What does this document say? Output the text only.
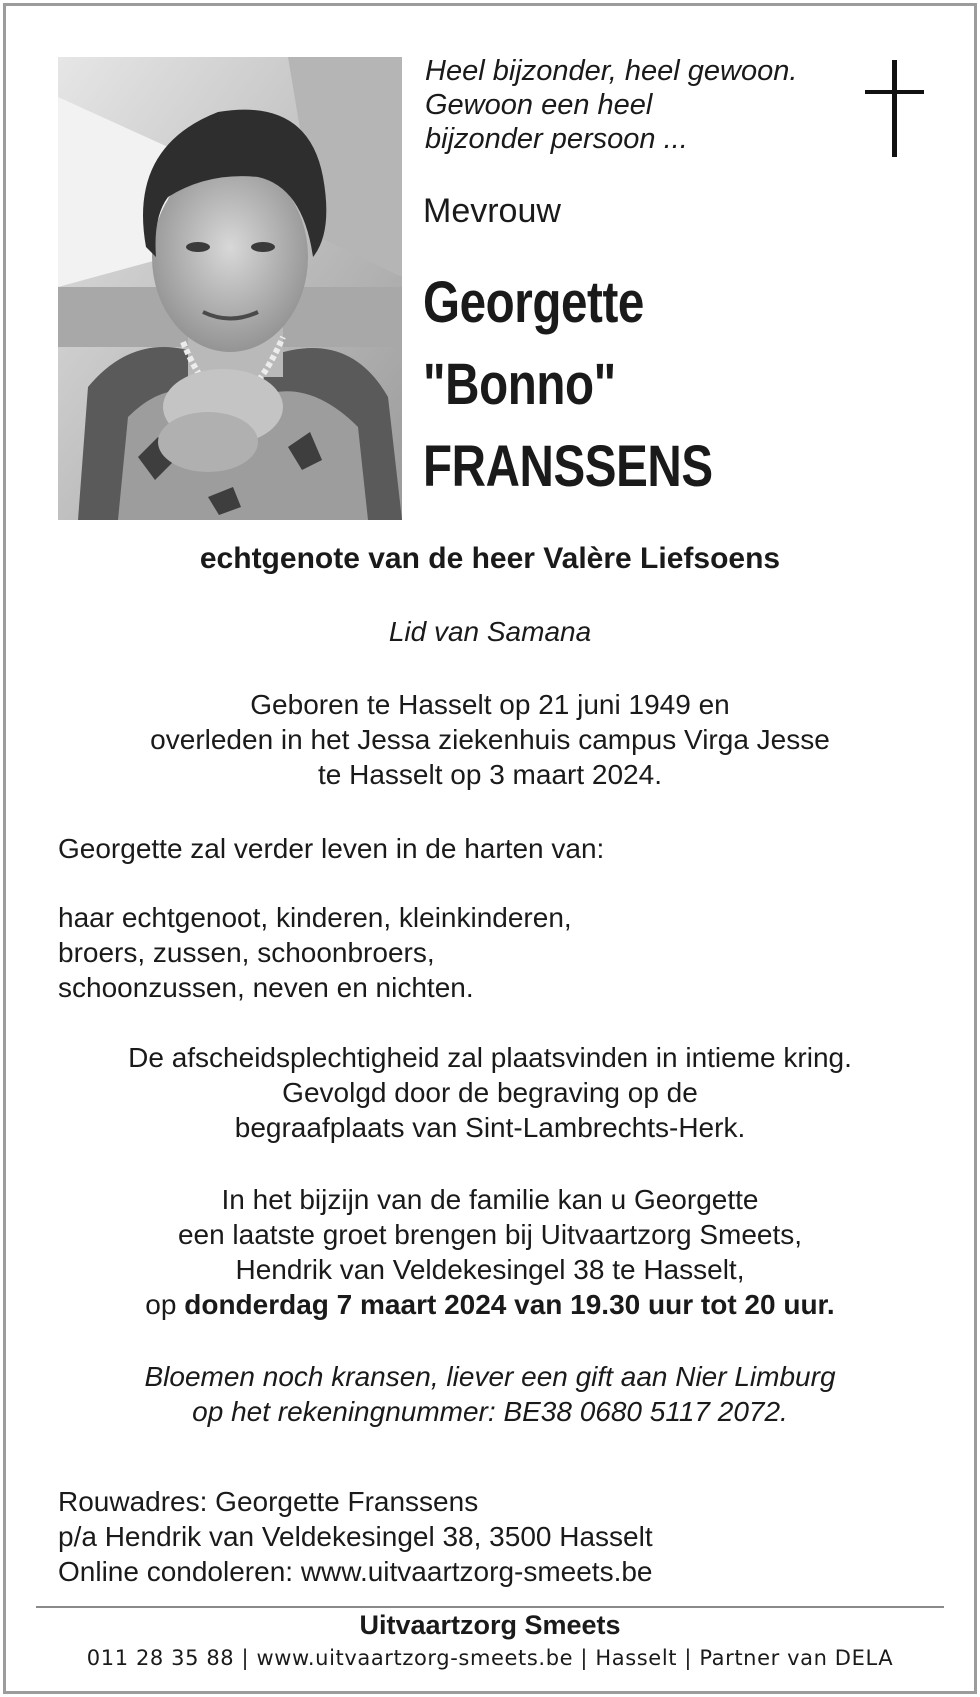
Heel bijzonder, heel gewoon.
Gewoon een heel
bijzonder persoon ...
Mevrouw
Georgette
"Bonno"
FRANSSENS
echtgenote van de heer Valère Liefsoens
Lid van Samana
Geboren te Hasselt op 21 juni 1949 en
overleden in het Jessa ziekenhuis campus Virga Jesse
te Hasselt op 3 maart 2024.
Georgette zal verder leven in de harten van:
haar echtgenoot, kinderen, kleinkinderen,
broers, zussen, schoonbroers,
schoonzussen, neven en nichten.
De afscheidsplechtigheid zal plaatsvinden in intieme kring.
Gevolgd door de begraving op de
begraafplaats van Sint-Lambrechts-Herk.
In het bijzijn van de familie kan u Georgette
een laatste groet brengen bij Uitvaartzorg Smeets,
Hendrik van Veldekesingel 38 te Hasselt,
op donderdag 7 maart 2024 van 19.30 uur tot 20 uur.
Bloemen noch kransen, liever een gift aan Nier Limburg
op het rekeningnummer: BE38 0680 5117 2072.
Rouwadres: Georgette Franssens
p/a Hendrik van Veldekesingel 38, 3500 Hasselt
Online condoleren: www.uitvaartzorg-smeets.be
Uitvaartzorg Smeets
011 28 35 88 | www.uitvaartzorg-smeets.be | Hasselt | Partner van DELA
